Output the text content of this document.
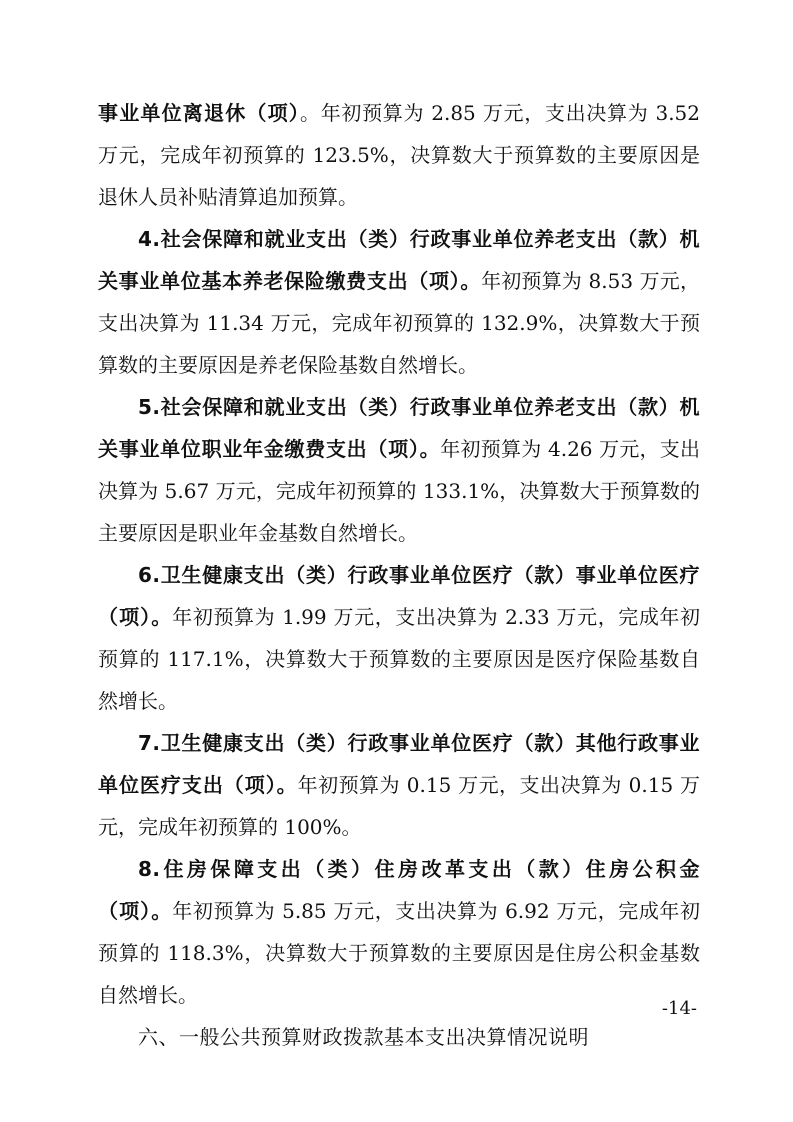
事业单位离退休（项）。年初预算为 2.85 万元，支出决算为 3.52 万元，完成年初预算的 123.5%，决算数大于预算数的主要原因是退休人员补贴清算追加预算。

4.社会保障和就业支出（类）行政事业单位养老支出（款）机关事业单位基本养老保险缴费支出（项）。年初预算为 8.53 万元，支出决算为 11.34 万元，完成年初预算的 132.9%，决算数大于预算数的主要原因是养老保险基数自然增长。

5.社会保障和就业支出（类）行政事业单位养老支出（款）机关事业单位职业年金缴费支出（项）。年初预算为 4.26 万元，支出决算为 5.67 万元，完成年初预算的 133.1%，决算数大于预算数的主要原因是职业年金基数自然增长。

6.卫生健康支出（类）行政事业单位医疗（款）事业单位医疗（项）。年初预算为 1.99 万元，支出决算为 2.33 万元，完成年初预算的 117.1%，决算数大于预算数的主要原因是医疗保险基数自然增长。

7.卫生健康支出（类）行政事业单位医疗（款）其他行政事业单位医疗支出（项）。年初预算为 0.15 万元，支出决算为 0.15 万元，完成年初预算的 100%。

8.住房保障支出（类）住房改革支出（款）住房公积金（项）。年初预算为 5.85 万元，支出决算为 6.92 万元，完成年初预算的 118.3%，决算数大于预算数的主要原因是住房公积金基数自然增长。

六、一般公共预算财政拨款基本支出决算情况说明

-14-
